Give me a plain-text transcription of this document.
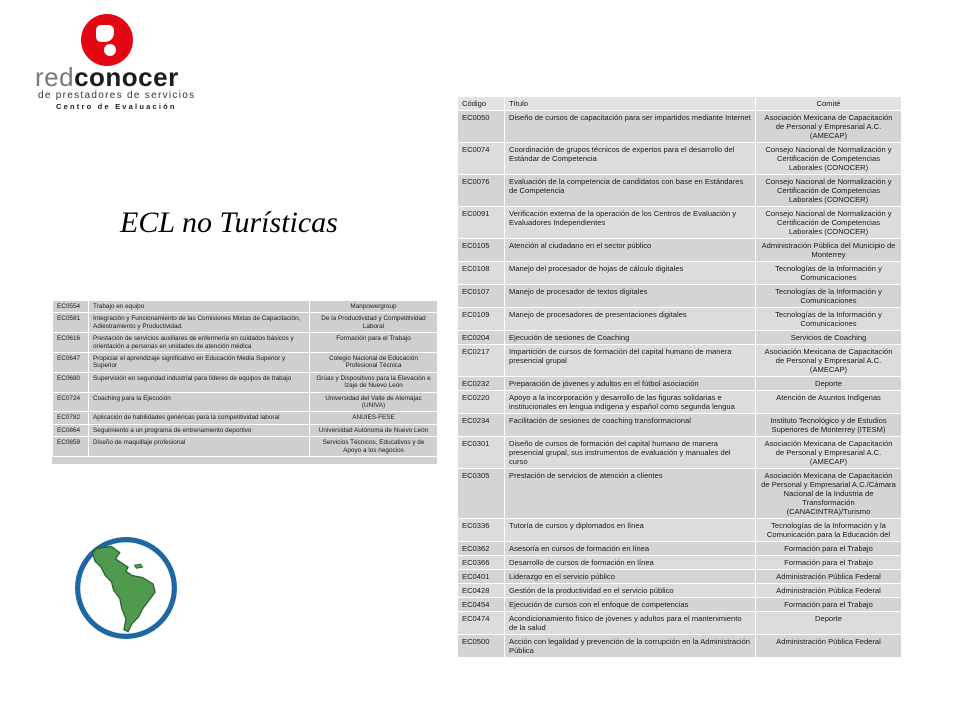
redconocer
de prestadores de servicios
Centro de Evaluación
ECL no Turísticas
EC0554	Trabajo en equipo	Manpowergroup
EC0581	Integración y Funcionamiento de las Comisiones Mixtas de Capacitación, Adiestramiento y Productividad.	De la Productividad y Competitividad Laboral
EC0616	Prestación de servicios auxiliares de enfermería en cuidados básicos y orientación a personas en unidades de atención médica	Formación para el Trabajo
EC0647	Propiciar el aprendizaje significativo en Educación Media Superior y Superior	Colegio Nacional de Educación Profesional Técnica
EC0680	Supervisión en seguridad industrial para líderes de equipos de trabajo	Grúas y Dispositivos para la Elevación e Izaje de Nuevo León
EC0724	Coaching para la Ejecución	Universidad del Valle de Atemajac (UNIVA)
EC0782	Aplicación de habilidades genéricas para la competitividad laboral	ANUIES-FESE
EC0864	Seguimiento a un programa de entrenamiento deportivo	Universidad Autónoma de Nuevo León
EC0859	Diseño de maquillaje profesional	Servicios Técnicos, Educativos y de Apoyo a los negocios
Código	Título	Comité
EC0050	Diseño de cursos de capacitación para ser impartidos mediante Internet	Asociación Mexicana de Capacitación de Personal y Empresarial A.C. (AMECAP)
EC0074	Coordinación de grupos técnicos de expertos para el desarrollo del Estándar de Competencia	Consejo Nacional de Normalización y Certificación de Competencias Laborales (CONOCER)
EC0076	Evaluación de la competencia de candidatos con base en Estándares de Competencia	Consejo Nacional de Normalización y Certificación de Competencias Laborales (CONOCER)
EC0091	Verificación externa de la operación de los Centros de Evaluación y Evaluadores Independientes	Consejo Nacional de Normalización y Certificación de Competencias Laborales (CONOCER)
EC0105	Atención al ciudadano en el sector público	Administración Pública del Municipio de Monterrey
EC0108	Manejo del procesador de hojas de cálculo digitales	Tecnologías de la Información y Comunicaciones
EC0107	Manejo de procesador de textos digitales	Tecnologías de la Información y Comunicaciones
EC0109	Manejo de procesadores de presentaciones digitales	Tecnologías de la Información y Comunicaciones
EC0204	Ejecución de sesiones de Coaching	Servicios de Coaching
EC0217	Impartición de cursos de formación del capital humano de manera presencial grupal	Asociación Mexicana de Capacitación de Personal y Empresarial A.C. (AMECAP)
EC0232	Preparación de jóvenes y adultos en el fútbol asociación	Deporte
EC0220	Apoyo a la incorporación y desarrollo de las figuras solidarias e institucionales en lengua indígena y español como segunda lengua	Atención de Asuntos Indígenas
EC0234	Facilitación de sesiones de coaching transformacional	Instituto Tecnológico y de Estudios Superiores de Monterrey (ITESM)
EC0301	Diseño de cursos de formación del capital humano de manera presencial grupal, sus instrumentos de evaluación y manuales del curso	Asociación Mexicana de Capacitación de Personal y Empresarial A.C. (AMECAP)
EC0305	Prestación de servicios de atención a clientes	Asociación Mexicana de Capacitación de Personal y Empresarial A.C./Cámara Nacional de la Industria de Transformación (CANACINTRA)/Turismo
EC0336	Tutoría de cursos y diplomados en línea	Tecnologías de la Información y la Comunicación para la Educación del
EC0362	Asesoría en cursos de formación en línea	Formación para el Trabajo
EC0366	Desarrollo de cursos de formación en línea	Formación para el Trabajo
EC0401	Liderazgo en el servicio público	Administración Pública Federal
EC0428	Gestión de la productividad en el servicio público	Administración Pública Federal
EC0454	Ejecución de cursos con el enfoque de competencias	Formación para el Trabajo
EC0474	Acondicionamiento físico de jóvenes y adultos para el mantenimiento de la salud	Deporte
EC0500	Acción con legalidad y prevención de la corrupción en la Administración Pública	Administración Pública Federal
